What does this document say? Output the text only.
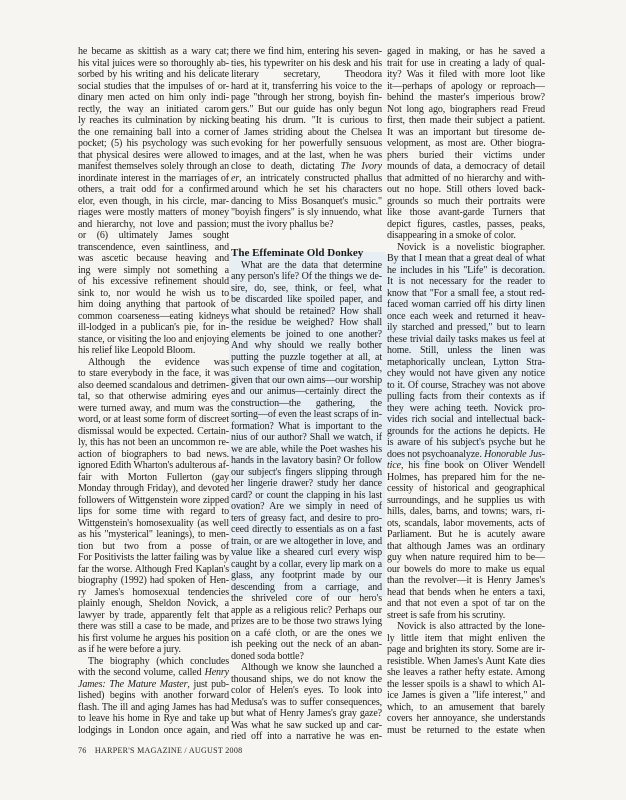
he became as skittish as a wary cat;
his vital juices were so thoroughly ab-
sorbed by his writing and his delicate
social studies that the impulses of or-
dinary men acted on him only indi-
rectly, the way an initiated carom
ly reaches its culmination by nicking
the one remaining ball into a corner
pocket; (5) his psychology was such
that physical desires were allowed to
manifest themselves solely through an
inordinate interest in the marriages of
others, a trait odd for a confirmed
elor, even though, in his circle, mar-
riages were mostly matters of money
and hierarchy, not love and passion;
or (6) ultimately James sought
transcendence, even saintliness, and
was ascetic because heaving and
ing were simply not something a
of his excessive refinement should
sink to, nor would he wish us to
him doing anything that partook of
common coarseness—eating kidneys
ill-lodged in a publican's pie, for in-
stance, or visiting the loo and enjoying
his relief like Leopold Bloom.
Although the evidence was
to stare everybody in the face, it was
also deemed scandalous and detrimen-
tal, so that otherwise admiring eyes
were turned away, and mum was the
word, or at least some form of discreet
dismissal would be expected. Certain-
ly, this has not been an uncommon re-
action of biographers to bad news.
ignored Edith Wharton's adulterous af-
fair with Morton Fullerton (gay
Monday through Friday), and devoted
followers of Wittgenstein wore zipped
lips for some time with regard to
Wittgenstein's homosexuality (as well
as his "mysterical" leanings), to men-
tion but two from a posse of
For Positivists the latter failing was by
far the worse. Although Fred Kaplan's
biography (1992) had spoken of Hen-
ry James's homosexual tendencies
plainly enough, Sheldon Novick, a
lawyer by trade, apparently felt that
there was still a case to be made, and
his first volume he argues his position
as if he were before a jury.
The biography (which concludes
with the second volume, called Henry
James: The Mature Master, just pub-
lished) begins with another forward
flash. The ill and aging James has had
to leave his home in Rye and take up
lodgings in London once again, and
there we find him, entering his seven-
ties, his typewriter on his desk and his
literary secretary, Theodora
hard at it, transferring his voice to the
page "through her strong, boyish fin-
gers." But our guide has only begun
beating his drum. "It is curious to
of James striding about the Chelsea
evoking for her powerfully sensuous
images, and at the last, when he was
close to death, dictating The Ivory
er, an intricately constructed phallus
around which he set his characters
dancing to Miss Bosanquet's music."
"boyish fingers" is sly innuendo, what
must the ivory phallus be?
The Effeminate Old Donkey
What are the data that determine
any person's life? Of the things we de-
sire, do, see, think, or feel, what
be discarded like spoiled paper, and
what should be retained? How shall
the residue be weighed? How shall
elements be joined to one another?
And why should we really bother
putting the puzzle together at all, at
such expense of time and cogitation,
given that our own aims—our worship
and our animus—certainly direct the
construction—the gathering, the
sorting—of even the least scraps of in-
formation? What is important to the
nius of our author? Shall we watch, if
we are able, while the Poet washes his
hands in the lavatory basin? Or follow
our subject's fingers slipping through
her lingerie drawer? study her dance
card? or count the clapping in his last
ovation? Are we simply in need of
ters of greasy fact, and desire to pro-
ceed directly to essentials as on a fast
train, or are we altogether in love, and
value like a sheared curl every wisp
caught by a collar, every lip mark on a
glass, any footprint made by our
descending from a carriage, and
the shriveled core of our hero's
apple as a religious relic? Perhaps our
prizes are to be those two straws lying
on a café cloth, or are the ones we
ish peeking out the neck of an aban-
doned soda bottle?
Although we know she launched a
thousand ships, we do not know the
color of Helen's eyes. To look into
Medusa's was to suffer consequences,
but what of Henry James's gray gaze?
Was what he saw sucked up and car-
ried off into a narrative he was en-
gaged in making, or has he saved a
trait for use in creating a lady of qual-
ity? Was it filed with more loot like
it—perhaps of apology or reproach—
behind the master's imperious brow?
Not long ago, biographers read Freud
first, then made their subject a patient.
It was an important but tiresome de-
velopment, as most are. Other biogra-
phers buried their victims under
mounds of data, a democracy of detail
that admitted of no hierarchy and with-
out no hope. Still others loved back-
grounds so much their portraits were
like those avant-garde Turners that
depict figures, castles, passes, peaks,
disappearing in a smoke of color.
Novick is a novelistic biographer.
By that I mean that a great deal of what
he includes in his "Life" is decoration.
It is not necessary for the reader to
know that "For a small fee, a stout red-
faced woman carried off his dirty linen
once each week and returned it heav-
ily starched and pressed," but to learn
these trivial daily tasks makes us feel at
home. Still, unless the linen was
metaphorically unclean, Lytton Stra-
chey would not have given any notice
to it. Of course, Strachey was not above
pulling facts from their contexts as if
they were aching teeth. Novick pro-
vides rich social and intellectual back-
grounds for the actions he depicts. He
is aware of his subject's psyche but he
does not psychoanalyze. Honorable Jus-
tice, his fine book on Oliver Wendell
Holmes, has prepared him for the ne-
cessity of historical and geographical
surroundings, and he supplies us with
hills, dales, barns, and towns; wars, ri-
ots, scandals, labor movements, acts of
Parliament. But he is acutely aware
that although James was an ordinary
guy when nature required him to be—
our bowels do more to make us equal
than the revolver—it is Henry James's
head that bends when he enters a taxi,
and that not even a spot of tar on the
street is safe from his scrutiny.
Novick is also attracted by the lone-
ly little item that might enliven the
page and brighten its story. Some are ir-
resistible. When James's Aunt Kate dies
she leaves a rather hefty estate. Among
the lesser spoils is a shawl to which Al-
ice James is given a "life interest," and
which, to an amusement that barely
covers her annoyance, she understands
must be returned to the estate when
76 HARPER'S MAGAZINE / AUGUST 2008
